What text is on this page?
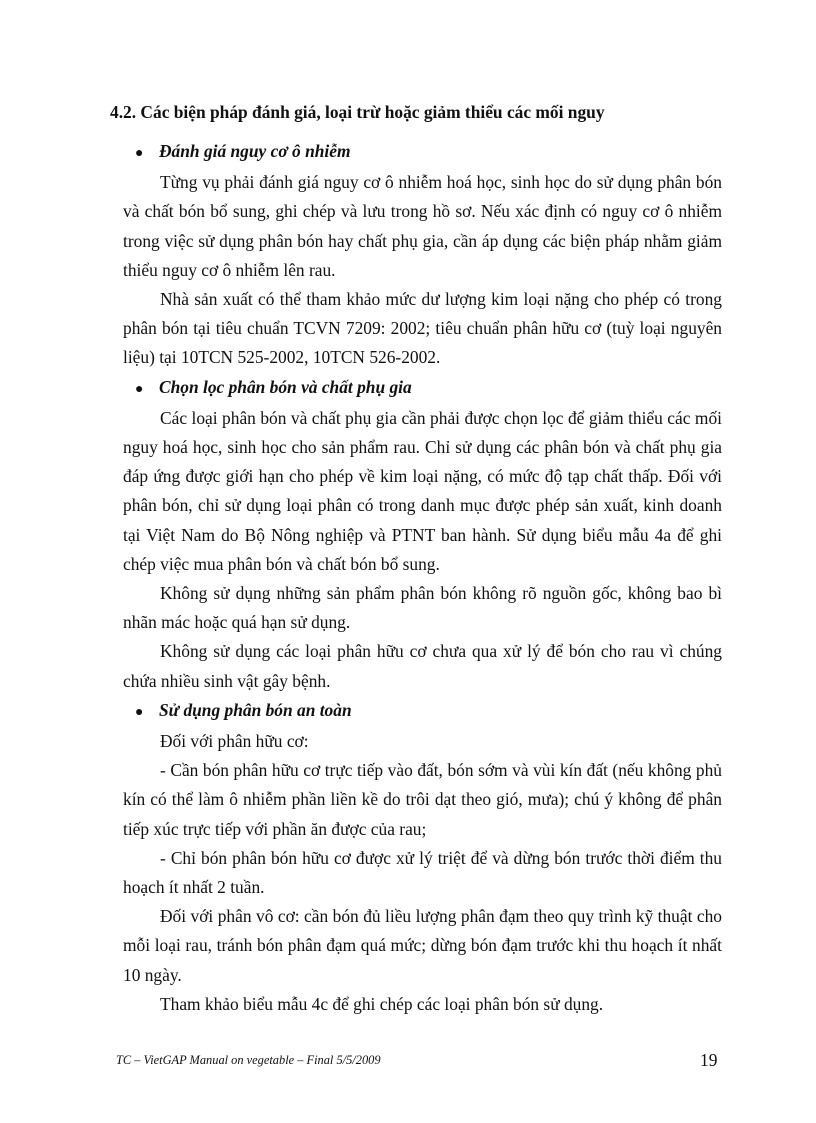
4.2. Các biện pháp đánh giá, loại trừ hoặc giảm thiểu các mối nguy
● Đánh giá nguy cơ ô nhiễm

Từng vụ phải đánh giá nguy cơ ô nhiễm hoá học, sinh học do sử dụng phân bón và chất bón bổ sung, ghi chép và lưu trong hồ sơ. Nếu xác định có nguy cơ ô nhiễm trong việc sử dụng phân bón hay chất phụ gia, cần áp dụng các biện pháp nhằm giảm thiểu nguy cơ ô nhiễm lên rau.

Nhà sản xuất có thể tham khảo mức dư lượng kim loại nặng cho phép có trong phân bón tại tiêu chuẩn TCVN 7209: 2002; tiêu chuẩn phân hữu cơ (tuỳ loại nguyên liệu) tại 10TCN 525-2002, 10TCN 526-2002.

● Chọn lọc phân bón và chất phụ gia

Các loại phân bón và chất phụ gia cần phải được chọn lọc để giảm thiểu các mối nguy hoá học, sinh học cho sản phẩm rau. Chỉ sử dụng các phân bón và chất phụ gia đáp ứng được giới hạn cho phép về kim loại nặng, có mức độ tạp chất thấp. Đối với phân bón, chỉ sử dụng loại phân có trong danh mục được phép sản xuất, kinh doanh tại Việt Nam do Bộ Nông nghiệp và PTNT ban hành. Sử dụng biểu mẫu 4a để ghi chép việc mua phân bón và chất bón bổ sung.

Không sử dụng những sản phẩm phân bón không rõ nguồn gốc, không bao bì nhãn mác hoặc quá hạn sử dụng.

Không sử dụng các loại phân hữu cơ chưa qua xử lý để bón cho rau vì chúng chứa nhiều sinh vật gây bệnh.

● Sử dụng phân bón an toàn

Đối với phân hữu cơ:

- Cần bón phân hữu cơ trực tiếp vào đất, bón sớm và vùi kín đất (nếu không phủ kín có thể làm ô nhiễm phần liền kề do trôi dạt theo gió, mưa); chú ý không để phân tiếp xúc trực tiếp với phần ăn được của rau;

- Chỉ bón phân bón hữu cơ được xử lý triệt để và dừng bón trước thời điểm thu hoạch ít nhất 2 tuần.

Đối với phân vô cơ: cần bón đủ liều lượng phân đạm theo quy trình kỹ thuật cho mỗi loại rau, tránh bón phân đạm quá mức; dừng bón đạm trước khi thu hoạch ít nhất 10 ngày.

Tham khảo biểu mẫu 4c để ghi chép các loại phân bón sử dụng.

TC – VietGAP Manual on vegetable – Final 5/5/2009	19
